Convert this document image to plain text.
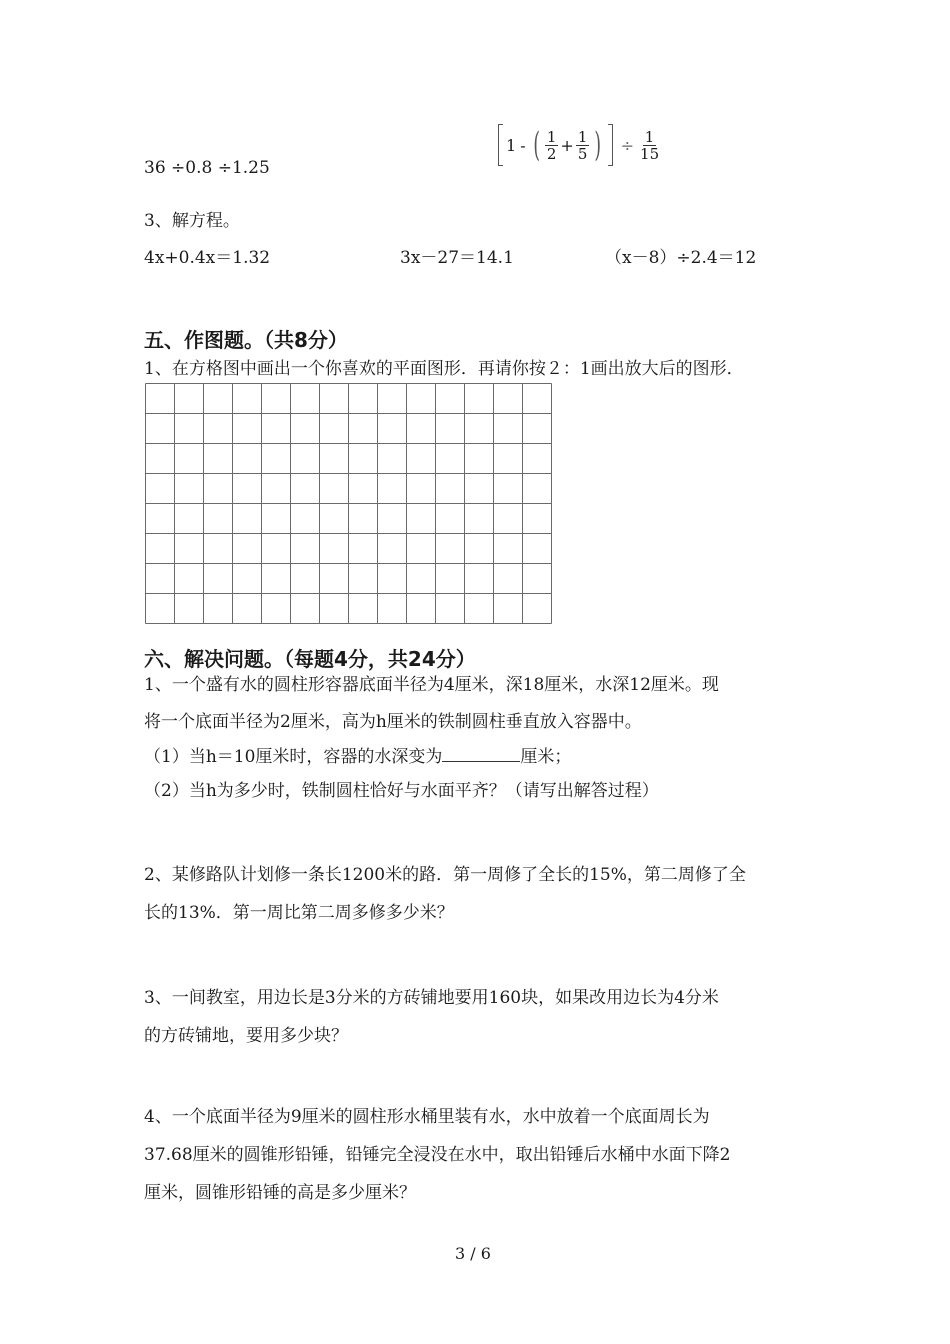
36 ÷0.8 ÷1.25
1 - ( $\frac{1}{2} + \frac{1}{5}$ ) ÷ $\frac{1}{15}$
3、解方程。
4x+0.4x＝1.32	3x－27＝14.1	（x－8）÷2.4＝12
五、作图题。（共8分）
1、在方格图中画出一个你喜欢的平面图形．再请你按２：1画出放大后的图形．
六、解决问题。（每题4分，共24分）
1、一个盛有水的圆柱形容器底面半径为4厘米，深18厘米，水深12厘米。现
将一个底面半径为2厘米，高为h厘米的铁制圆柱垂直放入容器中。
（1）当h＝10厘米时，容器的水深变为	厘米；
（2）当h为多少时，铁制圆柱恰好与水面平齐？（请写出解答过程）
2、某修路队计划修一条长1200米的路．第一周修了全长的15%，第二周修了全
长的13%．第一周比第二周多修多少米？
3、一间教室，用边长是3分米的方砖铺地要用160块，如果改用边长为4分米
的方砖铺地，要用多少块？
4、一个底面半径为9厘米的圆柱形水桶里装有水，水中放着一个底面周长为
37.68厘米的圆锥形铅锤，铅锤完全浸没在水中，取出铅锤后水桶中水面下降2
厘米，圆锥形铅锤的高是多少厘米？
3 / 6
